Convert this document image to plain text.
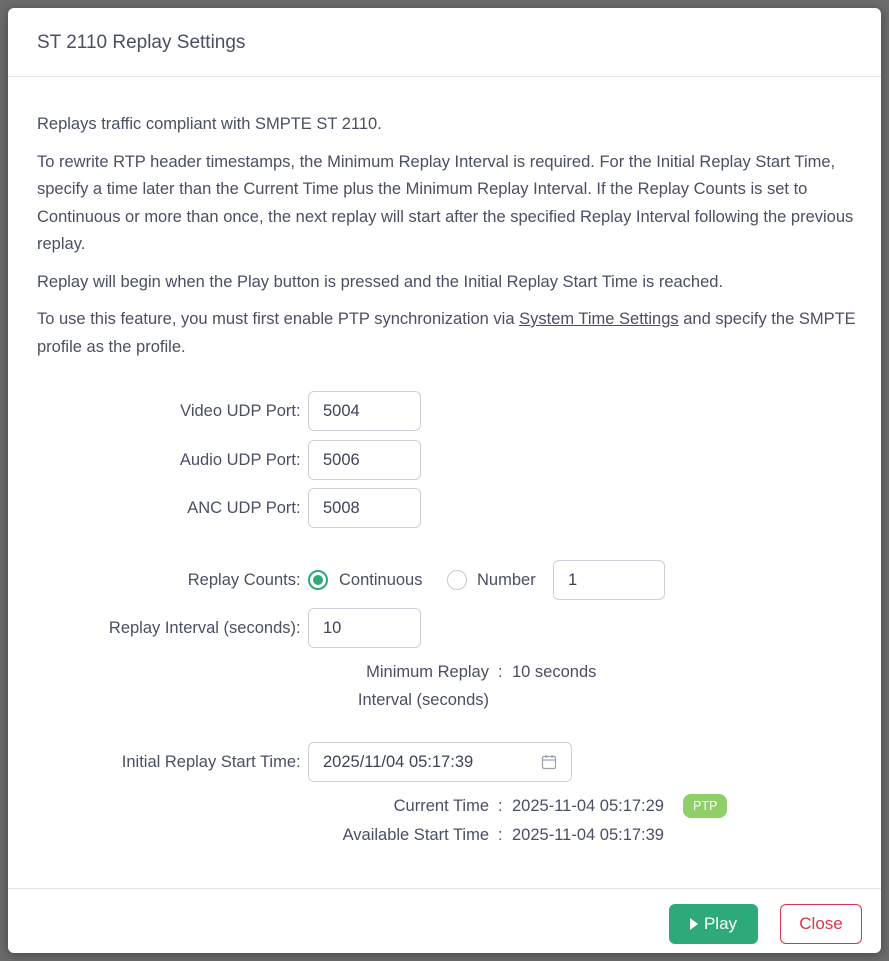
ST 2110 Replay Settings

Replays traffic compliant with SMPTE ST 2110.

To rewrite RTP header timestamps, the Minimum Replay Interval is required. For the Initial Replay Start Time, specify a time later than the Current Time plus the Minimum Replay Interval. If the Replay Counts is set to Continuous or more than once, the next replay will start after the specified Replay Interval following the previous replay.

Replay will begin when the Play button is pressed and the Initial Replay Start Time is reached.

To use this feature, you must first enable PTP synchronization via System Time Settings and specify the SMPTE profile as the profile.

Video UDP Port :	5004
Audio UDP Port :	5006
ANC UDP Port :	5008
Replay Counts : Continuous	Number	1
Replay Interval (seconds) :	10
Minimum Replay
Interval (seconds)
: 10 seconds
Initial Replay Start Time :	2025/11/04 05:17:39
Current Time : 2025-11-04 05:17:29	PTP
Available Start Time : 2025-11-04 05:17:39
Play	Close
